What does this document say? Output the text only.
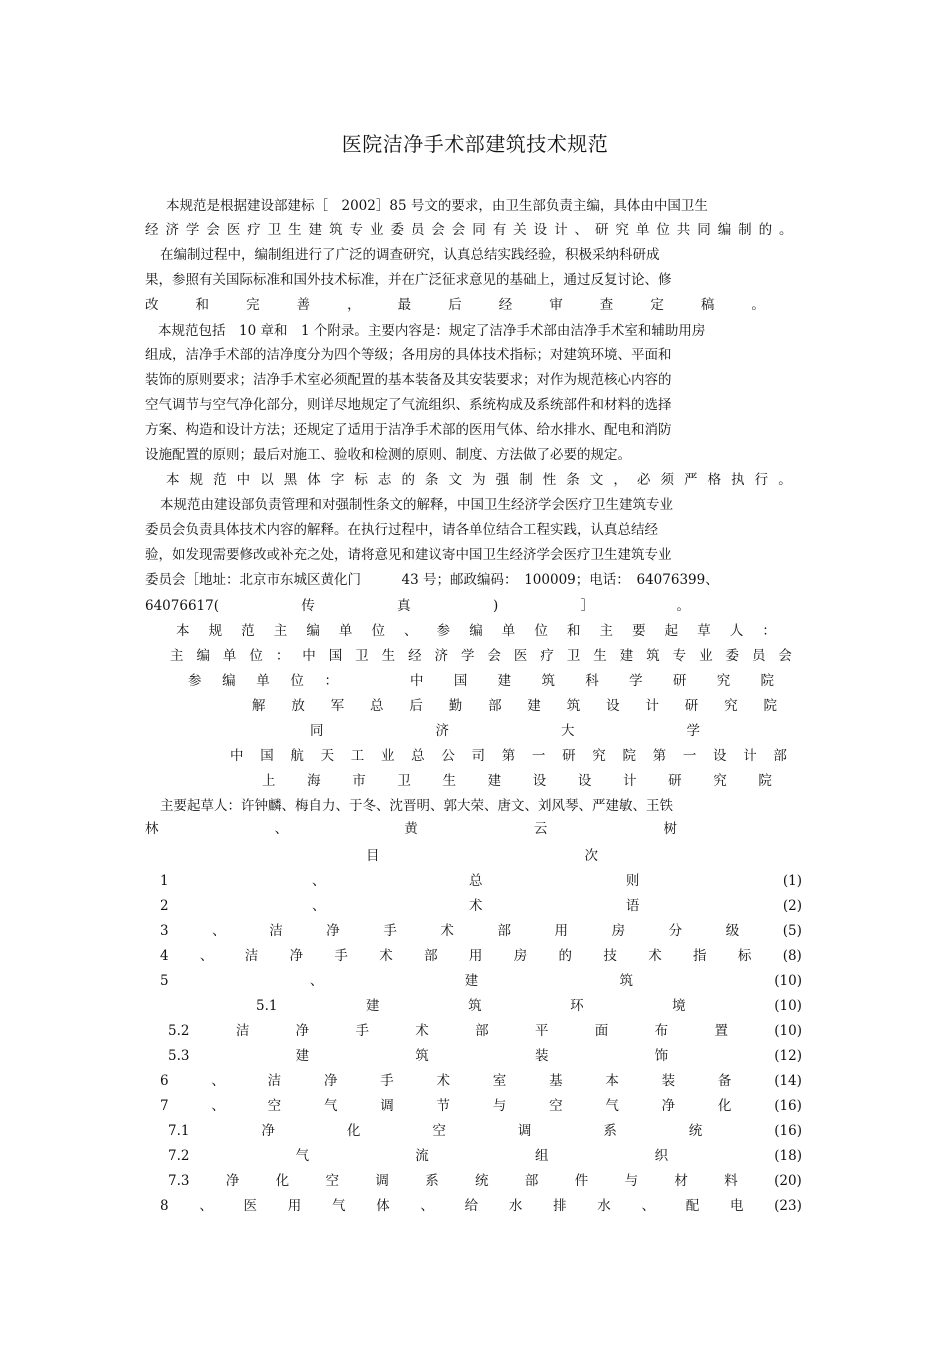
医院洁净手术部建筑技术规范
本规范是根据建设部建标［　2002］85 号文的要求，由卫生部负责主编，具体由中国卫生
经 济 学 会 医 疗 卫 生 建 筑 专 业 委 员 会 会 同 有 关 设 计 、 研 究 单 位 共 同 编 制 的 。
在编制过程中，编制组进行了广泛的调查研究，认真总结实践经验，积极采纳科研成
果，参照有关国际标准和国外技术标准，并在广泛征求意见的基础上，通过反复讨论、修
改	和	完	善	，	最	后	经	审	查	定	稿	。
本规范包括　10 章和　1 个附录。主要内容是：规定了洁净手术部由洁净手术室和辅助用房
组成，洁净手术部的洁净度分为四个等级；各用房的具体技术指标；对建筑环境、平面和
装饰的原则要求；洁净手术室必须配置的基本装备及其安装要求；对作为规范核心内容的
空气调节与空气净化部分，则详尽地规定了气流组织、系统构成及系统部件和材料的选择
方案、构造和设计方法；还规定了适用于洁净手术部的医用气体、给水排水、配电和消防
设施配置的原则；最后对施工、验收和检测的原则、制度、方法做了必要的规定。
本 规 范 中 以 黑 体 字 标 志 的 条 文 为 强 制 性 条 文 ， 必 须 严 格 执 行 。
本规范由建设部负责管理和对强制性条文的解释，中国卫生经济学会医疗卫生建筑专业
委员会负责具体技术内容的解释。在执行过程中，请各单位结合工程实践，认真总结经
验，如发现需要修改或补充之处，请将意见和建议寄中国卫生经济学会医疗卫生建筑专业
委员会［地址：北京市东城区黄化门　　　43 号；邮政编码：　100009；电话：　64076399、
64076617(	传	真	)	］	。
本 规 范 主 编 单 位 、 参 编 单 位 和 主 要 起 草 人 ：
主 编 单 位 ： 中 国 卫 生 经 济 学 会 医 疗 卫 生 建 筑 专 业 委 员 会
参 编 单 位 ：	中 国 建 筑 科 学 研 究 院
解 放 军 总 后 勤 部 建 筑 设 计 研 究 院
同	济	大	学
中 国 航 天 工 业 总 公 司 第 一 研 究 院 第 一 设 计 部
上 海 市 卫 生 建 设 设 计 研 究 院
主要起草人：许钟麟、梅自力、于冬、沈晋明、郭大荣、唐文、刘风琴、严建敏、王铁
林	、	黄	云	树
目	次
1	、	总	则	(1)
2	、	术	语	(2)
3	、	洁	净	手	术	部	用	房	分	级	(5)
4 、 洁 净 手 术 部 用 房 的 技 术 指 标 (8)
5	、	建	筑	(10)
5.1	建	筑	环	境	(10)
5.2	洁	净	手	术	部	平	面	布	置	(10)
5.3	建	筑	装	饰	(12)
6	、	洁	净	手	术	室	基	本	装	备	(14)
7	、	空	气	调	节	与	空	气	净	化	(16)
7.1	净	化	空	调	系	统	(16)
7.2	气	流	组	织	(18)
7.3	净	化	空	调	系	统	部	件	与	材	料	(20)
8 、 医 用 气 体 、 给 水 排 水 、 配 电 (23)
